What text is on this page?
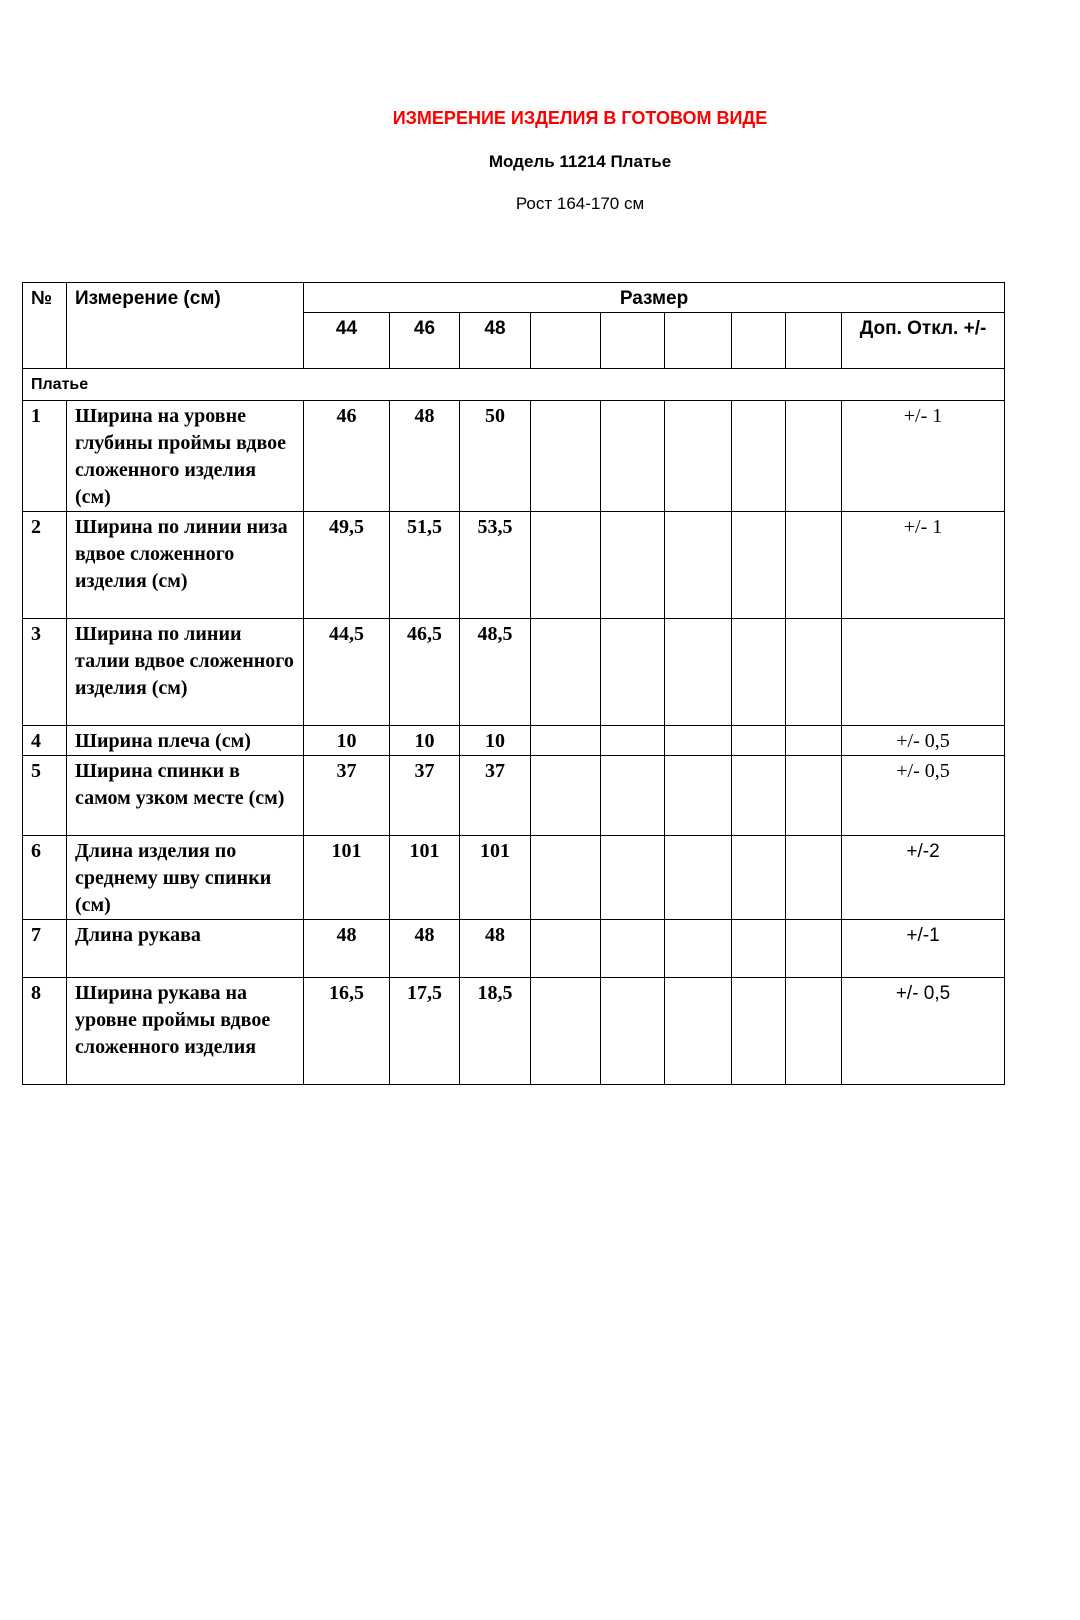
ИЗМЕРЕНИЕ ИЗДЕЛИЯ В ГОТОВОМ ВИДЕ
Модель 11214 Платье
Рост 164-170 см
№	Измерение (см)	Размер								
		44	46	48						Доп. Откл. +/-
Платье										
1	Ширина на уровне глубины проймы вдвое сложенного изделия (см)	46	48	50						+/- 1
2	Ширина по линии низа вдвое сложенного изделия (см)	49,5	51,5	53,5						+/- 1
3	Ширина по линии талии вдвое сложенного изделия (см)	44,5	46,5	48,5						
4	Ширина плеча (см)	10	10	10						+/- 0,5
5	Ширина спинки в самом узком месте (см)	37	37	37						+/- 0,5
6	Длина изделия по среднему шву спинки (см)	101	101	101						+/-2
7	Длина рукава	48	48	48						+/-1
8	Ширина рукава на уровне проймы вдвое сложенного изделия	16,5	17,5	18,5						+/- 0,5
